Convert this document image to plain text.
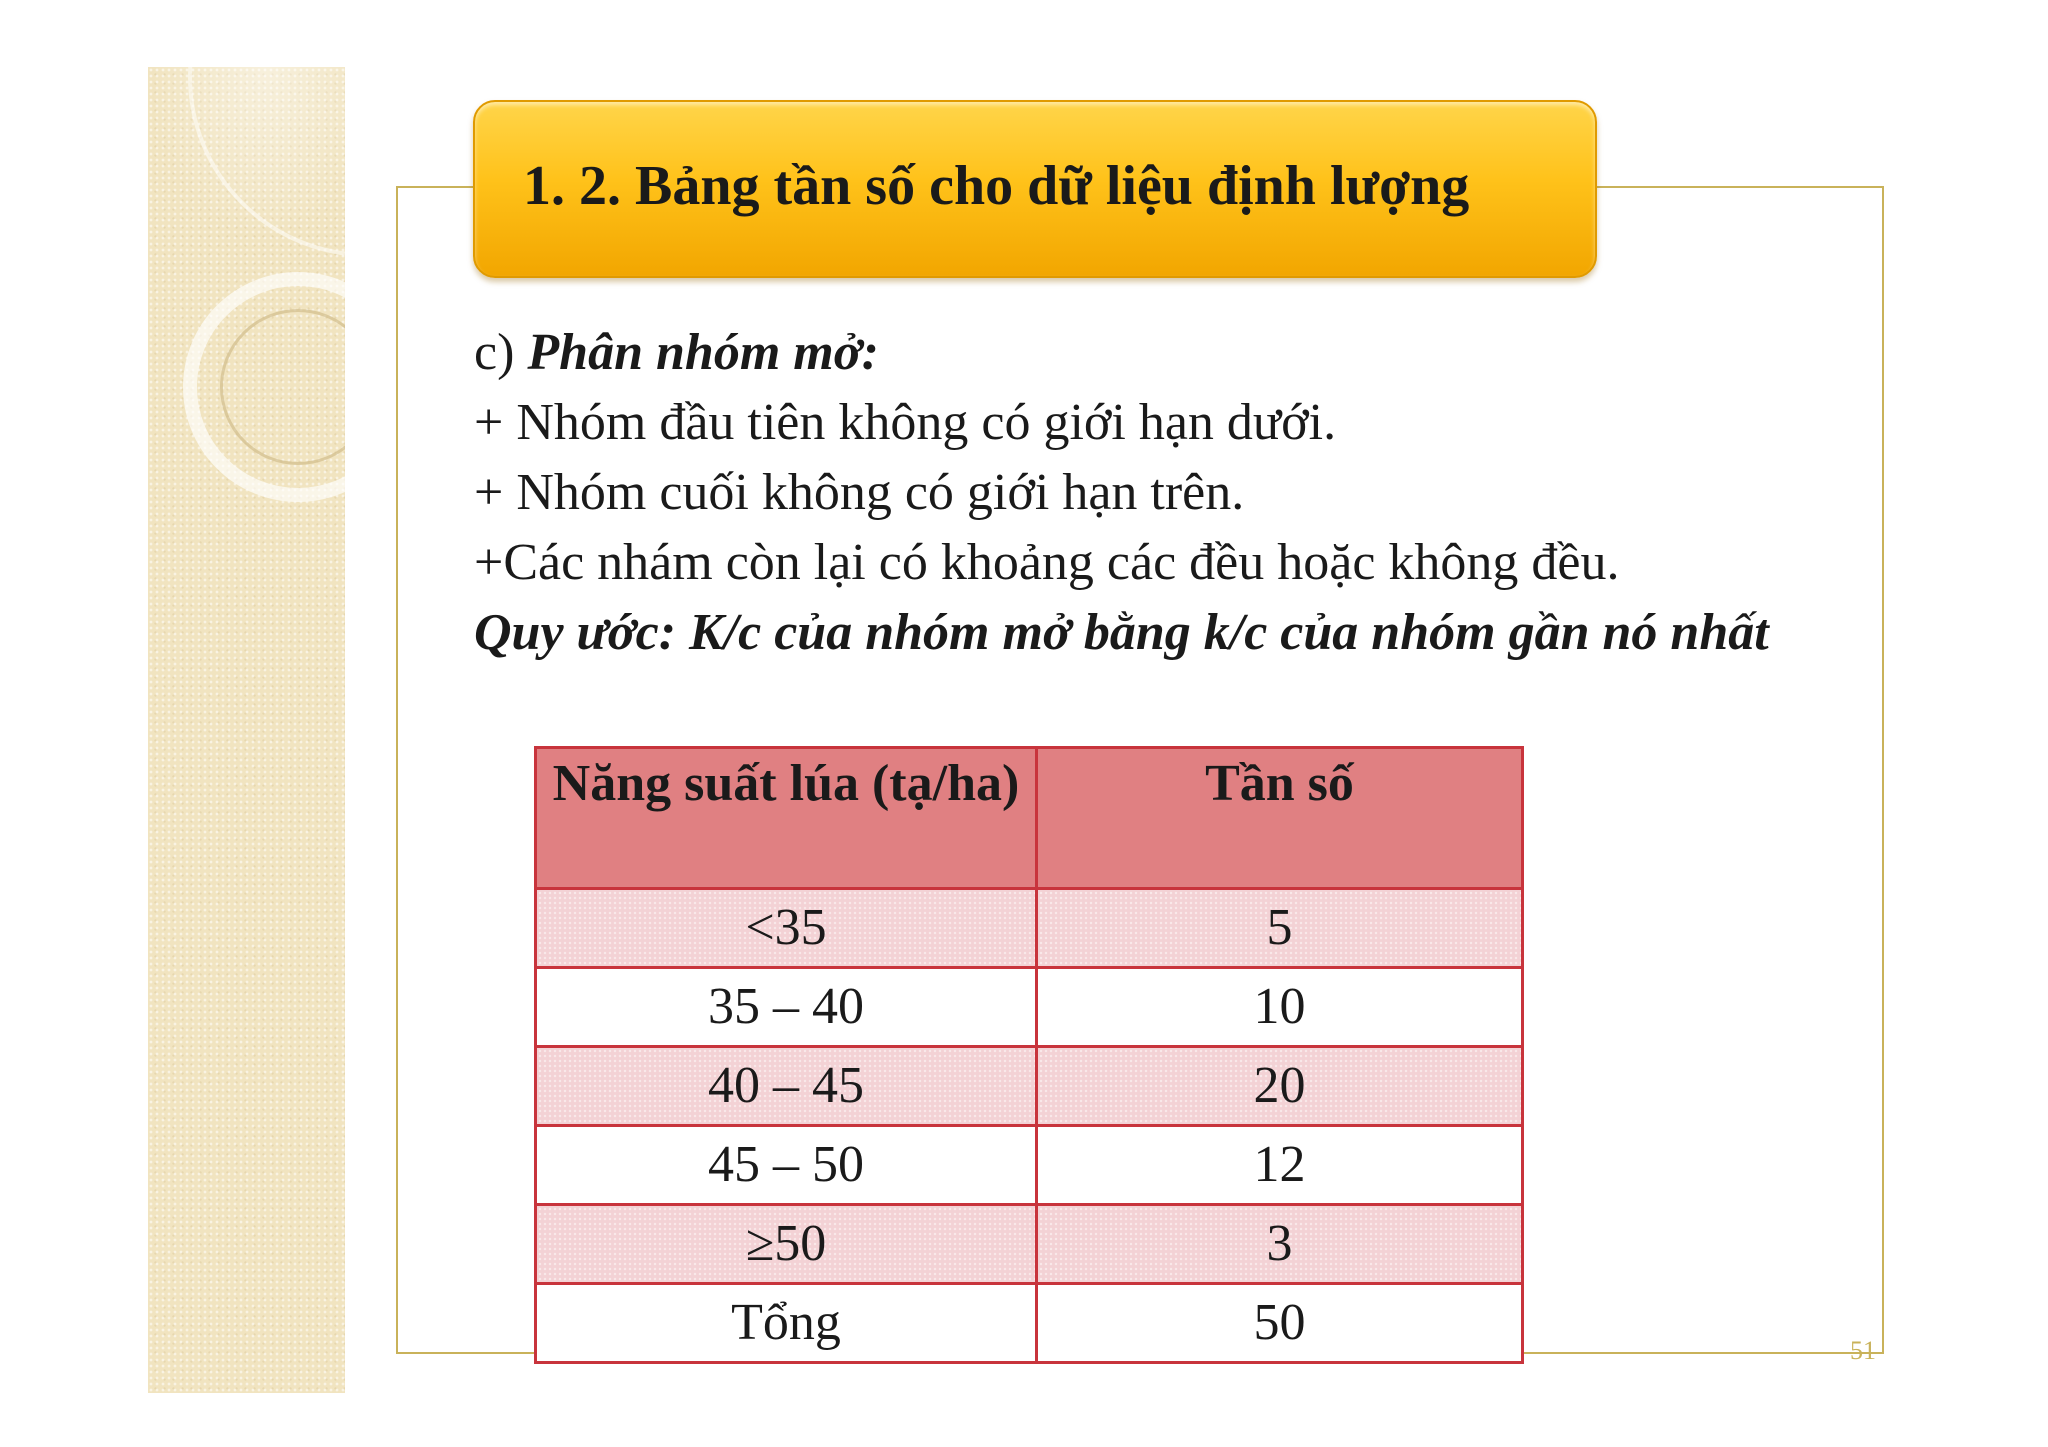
1. 2. Bảng tần số cho dữ liệu định lượng
c) Phân nhóm mở:
+ Nhóm đầu tiên không có giới hạn dưới.
+ Nhóm cuối không có giới hạn trên.
+Các nhám còn lại có khoảng các đều hoặc không đều.
Quy ước: K/c của nhóm mở bằng k/c của nhóm gần nó nhất
Năng suất lúa (tạ/ha)	Tần số
<35	5
35 – 40	10
40 – 45	20
45 – 50	12
≥50	3
Tổng	50	51
